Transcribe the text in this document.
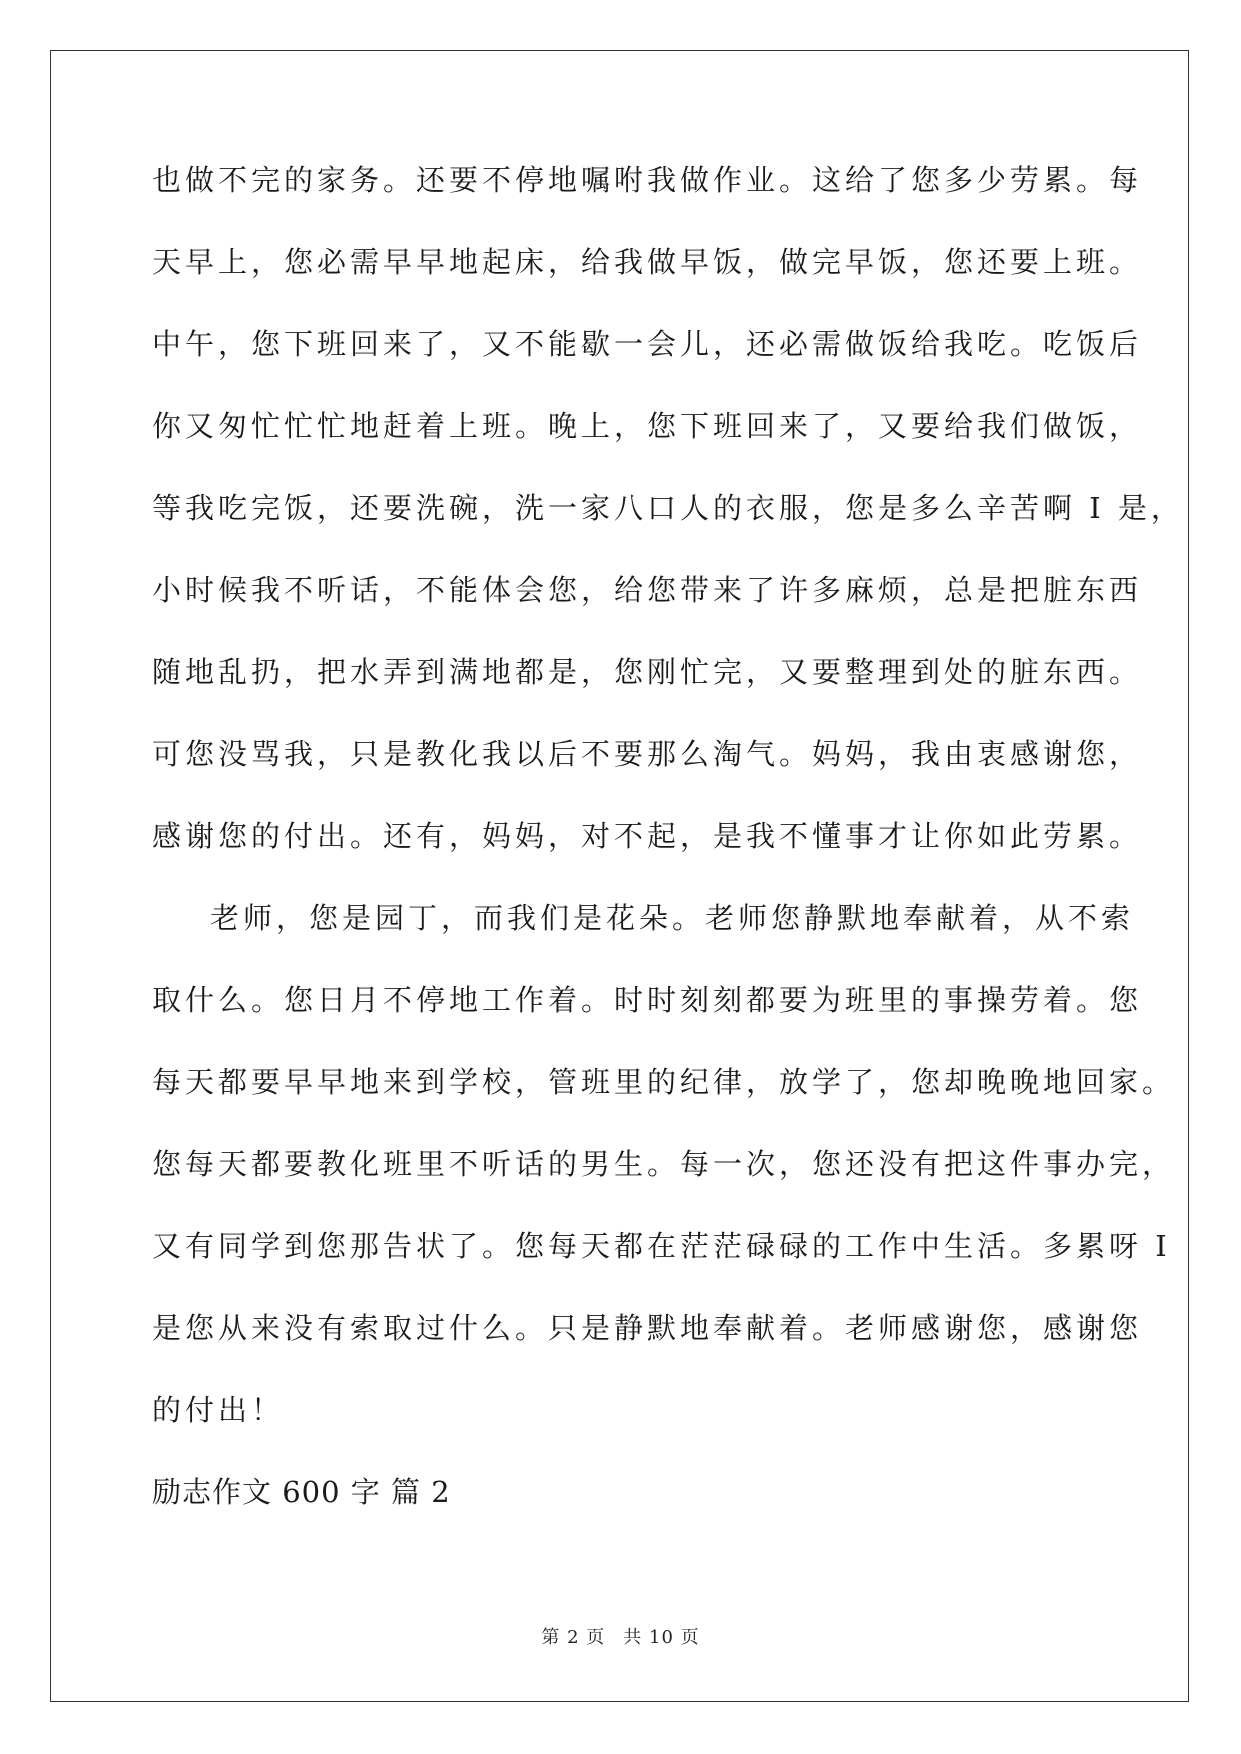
也做不完的家务。还要不停地嘱咐我做作业。这给了您多少劳累。每
天早上，您必需早早地起床，给我做早饭，做完早饭，您还要上班。
中午，您下班回来了，又不能歇一会儿，还必需做饭给我吃。吃饭后
你又匆忙忙忙地赶着上班。晚上，您下班回来了，又要给我们做饭，
等我吃完饭，还要洗碗，洗一家八口人的衣服，您是多么辛苦啊 I 是，
小时候我不听话，不能体会您，给您带来了许多麻烦，总是把脏东西
随地乱扔，把水弄到满地都是，您刚忙完，又要整理到处的脏东西。
可您没骂我，只是教化我以后不要那么淘气。妈妈，我由衷感谢您，
感谢您的付出。还有，妈妈，对不起，是我不懂事才让你如此劳累。
老师，您是园丁，而我们是花朵。老师您静默地奉献着，从不索
取什么。您日月不停地工作着。时时刻刻都要为班里的事操劳着。您
每天都要早早地来到学校，管班里的纪律，放学了，您却晚晚地回家。
您每天都要教化班里不听话的男生。每一次，您还没有把这件事办完，
又有同学到您那告状了。您每天都在茫茫碌碌的工作中生活。多累呀 I
是您从来没有索取过什么。只是静默地奉献着。老师感谢您，感谢您
的付出！
励志作文 600 字 篇 2
第 2 页 共 10 页
